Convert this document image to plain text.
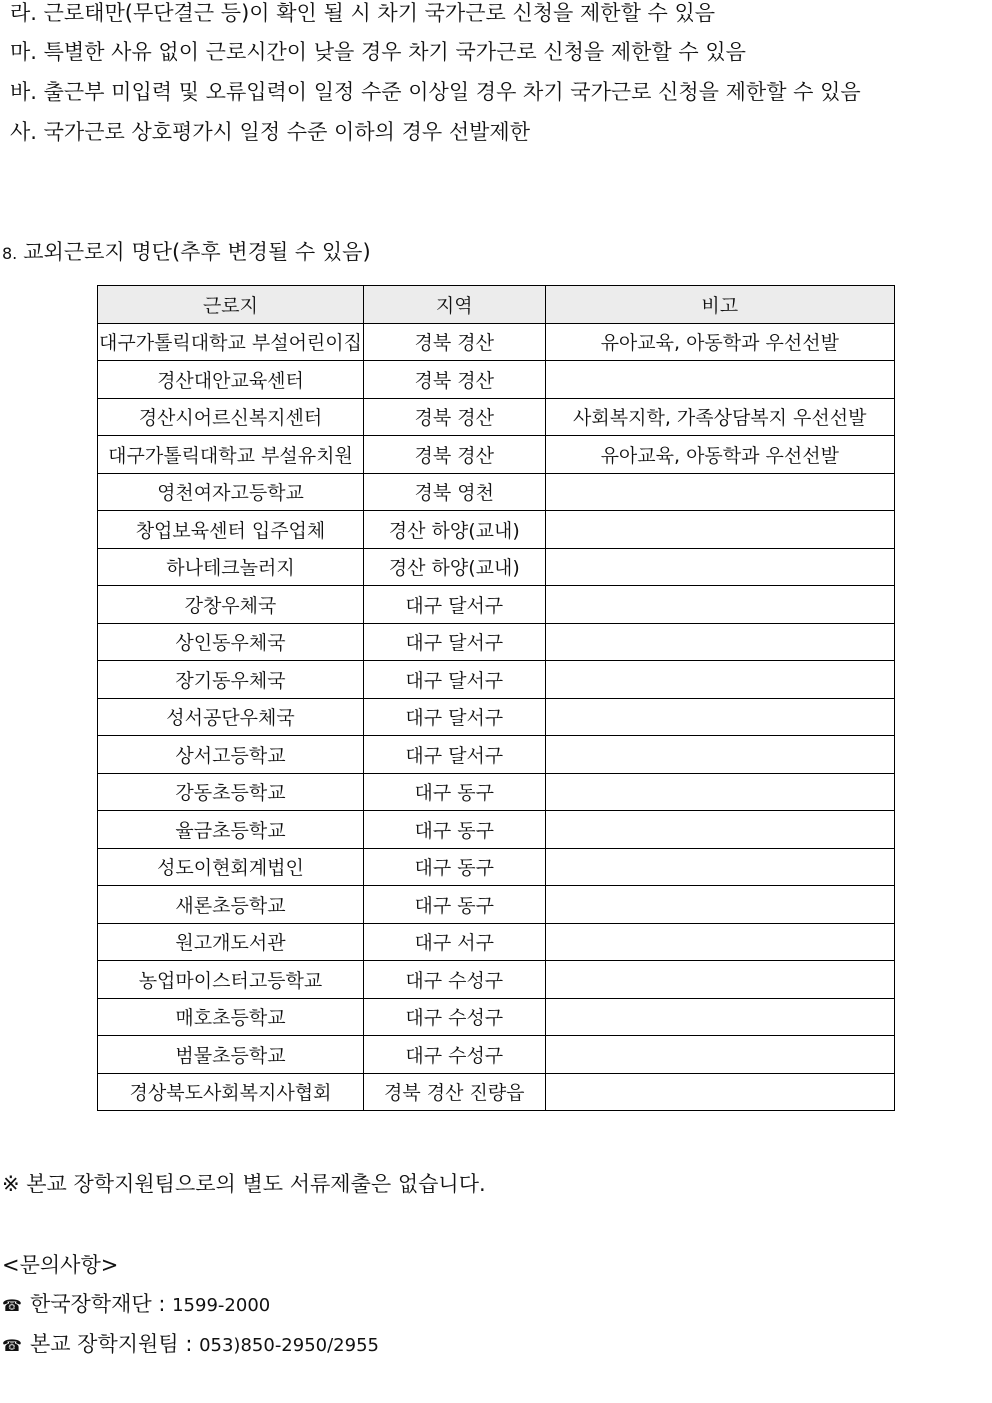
라. 근로태만(무단결근 등)이 확인 될 시 차기 국가근로 신청을 제한할 수 있음
마. 특별한 사유 없이 근로시간이 낮을 경우 차기 국가근로 신청을 제한할 수 있음
바. 출근부 미입력 및 오류입력이 일정 수준 이상일 경우 차기 국가근로 신청을 제한할 수 있음
사. 국가근로 상호평가시 일정 수준 이하의 경우 선발제한
8. 교외근로지 명단(추후 변경될 수 있음)
근로지	지역	비고
대구가톨릭대학교 부설어린이집	경북 경산	유아교육, 아동학과 우선선발
경산대안교육센터	경북 경산	
경산시어르신복지센터	경북 경산	사회복지학, 가족상담복지 우선선발
대구가톨릭대학교 부설유치원	경북 경산	유아교육, 아동학과 우선선발
영천여자고등학교	경북 영천	
창업보육센터 입주업체	경산 하양(교내)	
하나테크놀러지	경산 하양(교내)	
강창우체국	대구 달서구	
상인동우체국	대구 달서구	
장기동우체국	대구 달서구	
성서공단우체국	대구 달서구	
상서고등학교	대구 달서구	
강동초등학교	대구 동구	
율금초등학교	대구 동구	
성도이현회계법인	대구 동구	
새론초등학교	대구 동구	
원고개도서관	대구 서구	
농업마이스터고등학교	대구 수성구	
매호초등학교	대구 수성구	
범물초등학교	대구 수성구	
경상북도사회복지사협회	경북 경산 진량읍	
※ 본교 장학지원팀으로의 별도 서류제출은 없습니다.
<문의사항>
☎ 한국장학재단 : 1599-2000
☎ 본교 장학지원팀 : 053)850-2950/2955
